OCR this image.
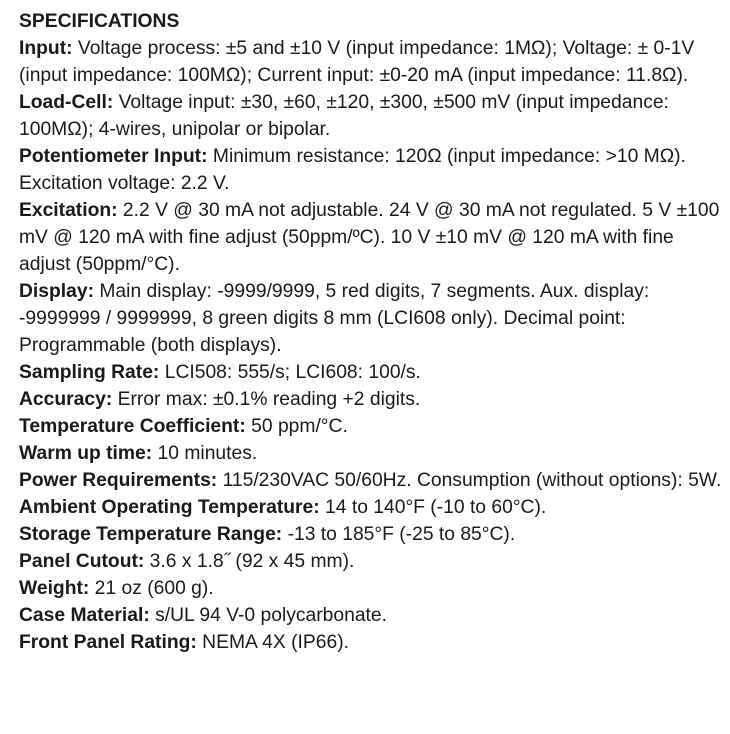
SPECIFICATIONS
Input: Voltage process: ±5 and ±10 V (input impedance: 1MΩ); Voltage: ± 0-1V (input impedance: 100MΩ); Current input: ±0-20 mA (input impedance: 11.8Ω).
Load-Cell: Voltage input: ±30, ±60, ±120, ±300, ±500 mV (input impedance: 100MΩ); 4-wires, unipolar or bipolar.
Potentiometer Input: Minimum resistance: 120Ω (input impedance: >10 MΩ). Excitation voltage: 2.2 V.
Excitation: 2.2 V @ 30 mA not adjustable. 24 V @ 30 mA not regulated. 5 V ±100 mV @ 120 mA with fine adjust (50ppm/ºC). 10 V ±10 mV @ 120 mA with fine adjust (50ppm/°C).
Display: Main display: -9999/9999, 5 red digits, 7 segments. Aux. display: -9999999 / 9999999, 8 green digits 8 mm (LCI608 only). Decimal point: Programmable (both displays).
Sampling Rate: LCI508: 555/s; LCI608: 100/s.
Accuracy: Error max: ±0.1% reading +2 digits.
Temperature Coefficient: 50 ppm/°C.
Warm up time: 10 minutes.
Power Requirements: 115/230VAC 50/60Hz. Consumption (without options): 5W.
Ambient Operating Temperature: 14 to 140°F (-10 to 60°C).
Storage Temperature Range: -13 to 185°F (-25 to 85°C).
Panel Cutout: 3.6 x 1.8˝ (92 x 45 mm).
Weight: 21 oz (600 g).
Case Material: s/UL 94 V-0 polycarbonate.
Front Panel Rating: NEMA 4X (IP66).
